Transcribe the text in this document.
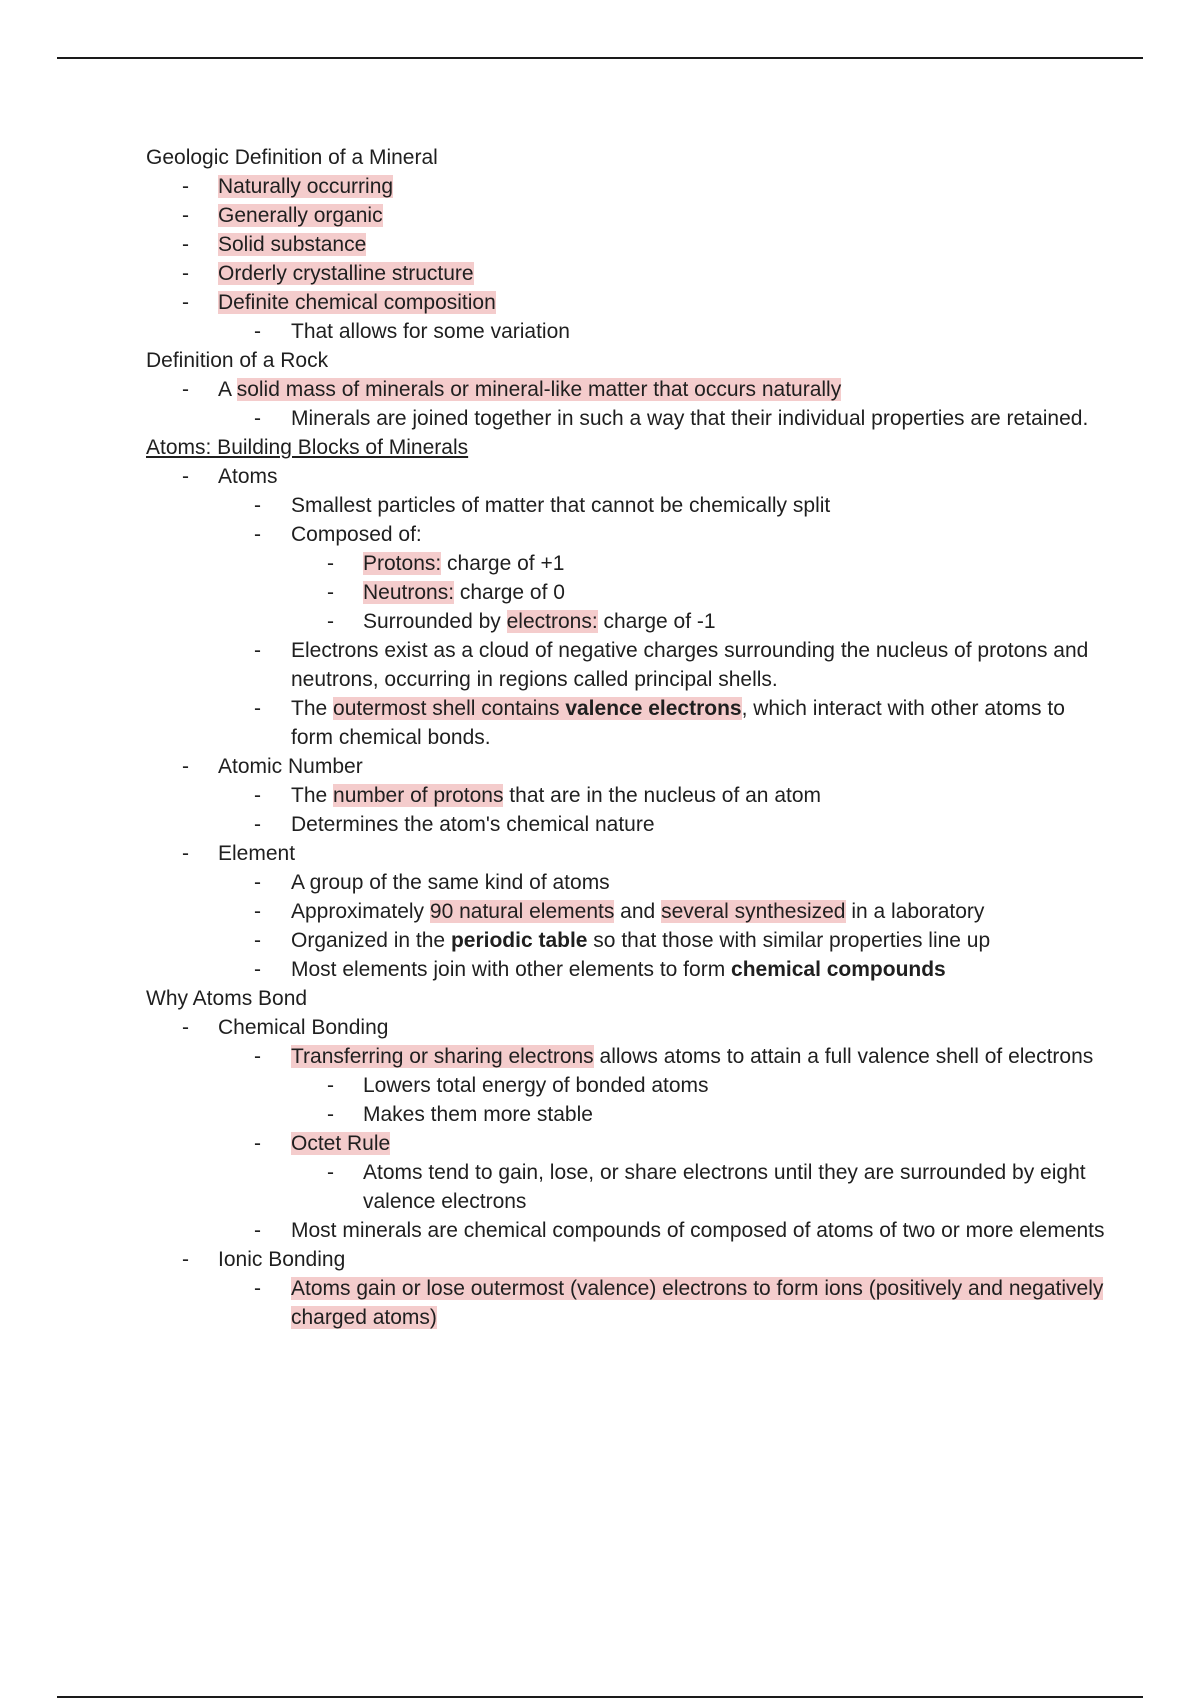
Geologic Definition of a Mineral
- Naturally occurring
- Generally organic
- Solid substance
- Orderly crystalline structure
- Definite chemical composition
- That allows for some variation
Definition of a Rock
- A solid mass of minerals or mineral-like matter that occurs naturally
- Minerals are joined together in such a way that their individual properties are retained.
Atoms: Building Blocks of Minerals
- Atoms
- Smallest particles of matter that cannot be chemically split
- Composed of:
- Protons: charge of +1
- Neutrons: charge of 0
- Surrounded by electrons: charge of -1
- Electrons exist as a cloud of negative charges surrounding the nucleus of protons and neutrons, occurring in regions called principal shells.
- The outermost shell contains valence electrons, which interact with other atoms to form chemical bonds.
- Atomic Number
- The number of protons that are in the nucleus of an atom
- Determines the atom's chemical nature
- Element
- A group of the same kind of atoms
- Approximately 90 natural elements and several synthesized in a laboratory
- Organized in the periodic table so that those with similar properties line up
- Most elements join with other elements to form chemical compounds
Why Atoms Bond
- Chemical Bonding
- Transferring or sharing electrons allows atoms to attain a full valence shell of electrons
- Lowers total energy of bonded atoms
- Makes them more stable
- Octet Rule
- Atoms tend to gain, lose, or share electrons until they are surrounded by eight valence electrons
- Most minerals are chemical compounds of composed of atoms of two or more elements
- Ionic Bonding
- Atoms gain or lose outermost (valence) electrons to form ions (positively and negatively charged atoms)
